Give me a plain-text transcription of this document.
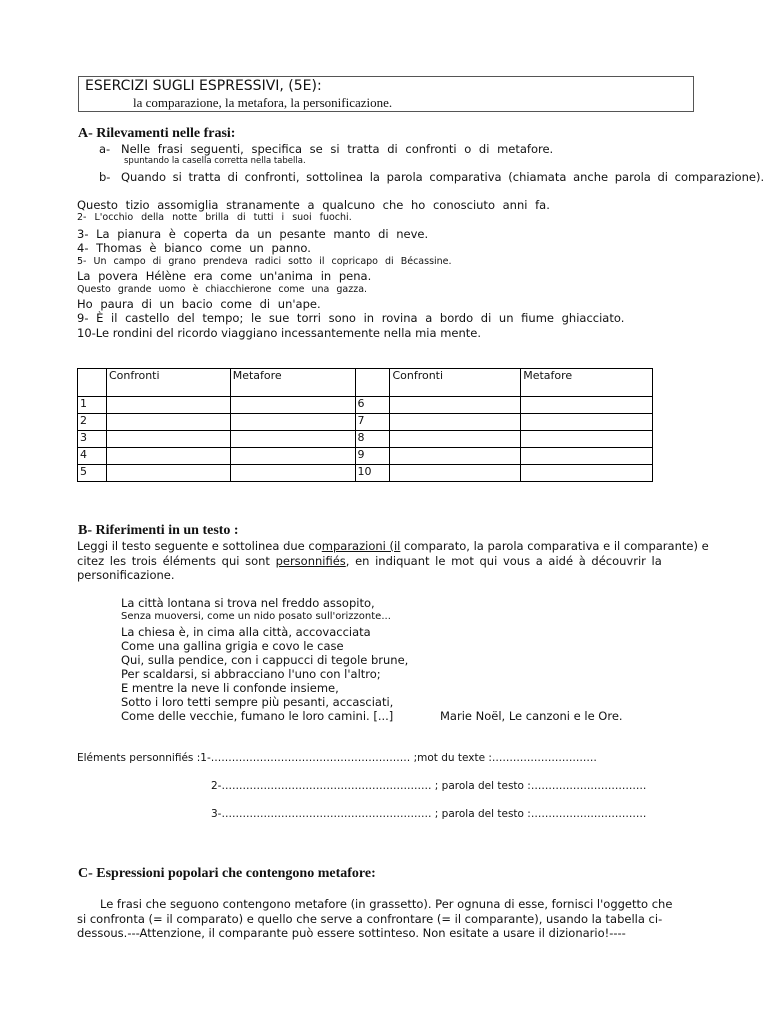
ESERCIZI SUGLI ESPRESSIVI, (5E):
la comparazione, la metafora, la personificazione.
A- Rilevamenti nelle frasi:
a- Nelle frasi seguenti, specifica se si tratta di confronti o di metafore.
spuntando la casella corretta nella tabella.
b- Quando si tratta di confronti, sottolinea la parola comparativa (chiamata anche parola di comparazione).
Questo tizio assomiglia stranamente a qualcuno che ho conosciuto anni fa.
2- L'occhio della notte brilla di tutti i suoi fuochi.
3- La pianura è coperta da un pesante manto di neve.
4- Thomas è bianco come un panno.
5- Un campo di grano prendeva radici sotto il copricapo di Bécassine.
La povera Hélène era come un'anima in pena.
Questo grande uomo è chiacchierone come una gazza.
Ho paura di un bacio come di un'ape.
9- È il castello del tempo; le sue torri sono in rovina a bordo di un fiume ghiacciato.
10-Le rondini del ricordo viaggiano incessantemente nella mia mente.
	Confronti	Metafore		Confronti	Metafore
1			6		
2			7		
3			8		
4			9		
5			10		
B- Riferimenti in un testo :
Leggi il testo seguente e sottolinea due comparazioni (il comparato, la parola comparativa e il comparante) e
citez les trois éléments qui sont personnifiés, en indiquant le mot qui vous a aidé à découvrir la
personificazione.
La città lontana si trova nel freddo assopito,
Senza muoversi, come un nido posato sull'orizzonte...
La chiesa è, in cima alla città, accovacciata
Come una gallina grigia e covo le case
Qui, sulla pendice, con i cappucci di tegole brune,
Per scaldarsi, si abbracciano l'uno con l'altro;
E mentre la neve li confonde insieme,
Sotto i loro tetti sempre più pesanti, accasciati,
Come delle vecchie, fumano le loro camini. [...]	Marie Noël, Le canzoni e le Ore.
Eléments personnifiés :1-………………………………………………… ;mot du texte :…………………………
2-…………………………………………………… ; parola del testo :……………………………
3-…………………………………………………… ; parola del testo :……………………………
C- Espressioni popolari che contengono metafore:
Le frasi che seguono contengono metafore (in grassetto). Per ognuna di esse, fornisci l'oggetto che
si confronta (= il comparato) e quello che serve a confrontare (= il comparante), usando la tabella ci-
dessous.---Attenzione, il comparante può essere sottinteso. Non esitate a usare il dizionario!----
